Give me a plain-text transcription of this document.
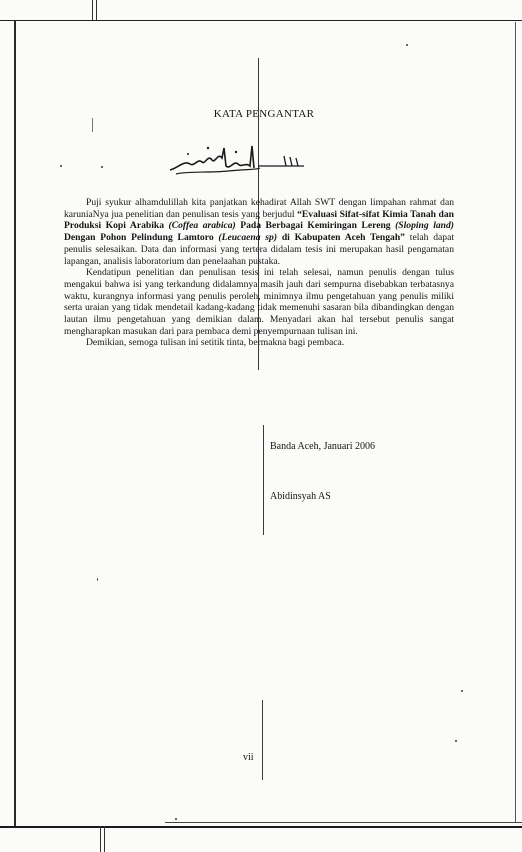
KATA PENGANTAR

Puji syukur alhamdulillah kita panjatkan kehadirat Allah SWT dengan limpahan rahmat dan karuniaNya jua penelitian dan penulisan tesis yang berjudul “Evaluasi Sifat-sifat Kimia Tanah dan Produksi Kopi Arabika (Coffea arabica) Pada Berbagai Kemiringan Lereng (Sloping land) Dengan Pohon Pelindung Lamtoro (Leucaena sp) di Kabupaten Aceh Tengah” telah dapat penulis selesaikan. Data dan informasi yang tertera didalam tesis ini merupakan hasil pengamatan lapangan, analisis laboratorium dan penelaahan pustaka.

Kendatipun penelitian dan penulisan tesis ini telah selesai, namun penulis dengan tulus mengakui bahwa isi yang terkandung didalamnya masih jauh dari sempurna disebabkan terbatasnya waktu, kurangnya informasi yang penulis peroleh, minimnya ilmu pengetahuan yang penulis miliki serta uraian yang tidak mendetail kadang-kadang tidak memenuhi sasaran bila dibandingkan dengan lautan ilmu pengetahuan yang demikian dalam. Menyadari akan hal tersebut penulis sangat mengharapkan masukan dari para pembaca demi penyempurnaan tulisan ini.

Demikian, semoga tulisan ini setitik tinta, bermakna bagi pembaca.

Banda Aceh, Januari 2006
Abidinsyah AS
vii
